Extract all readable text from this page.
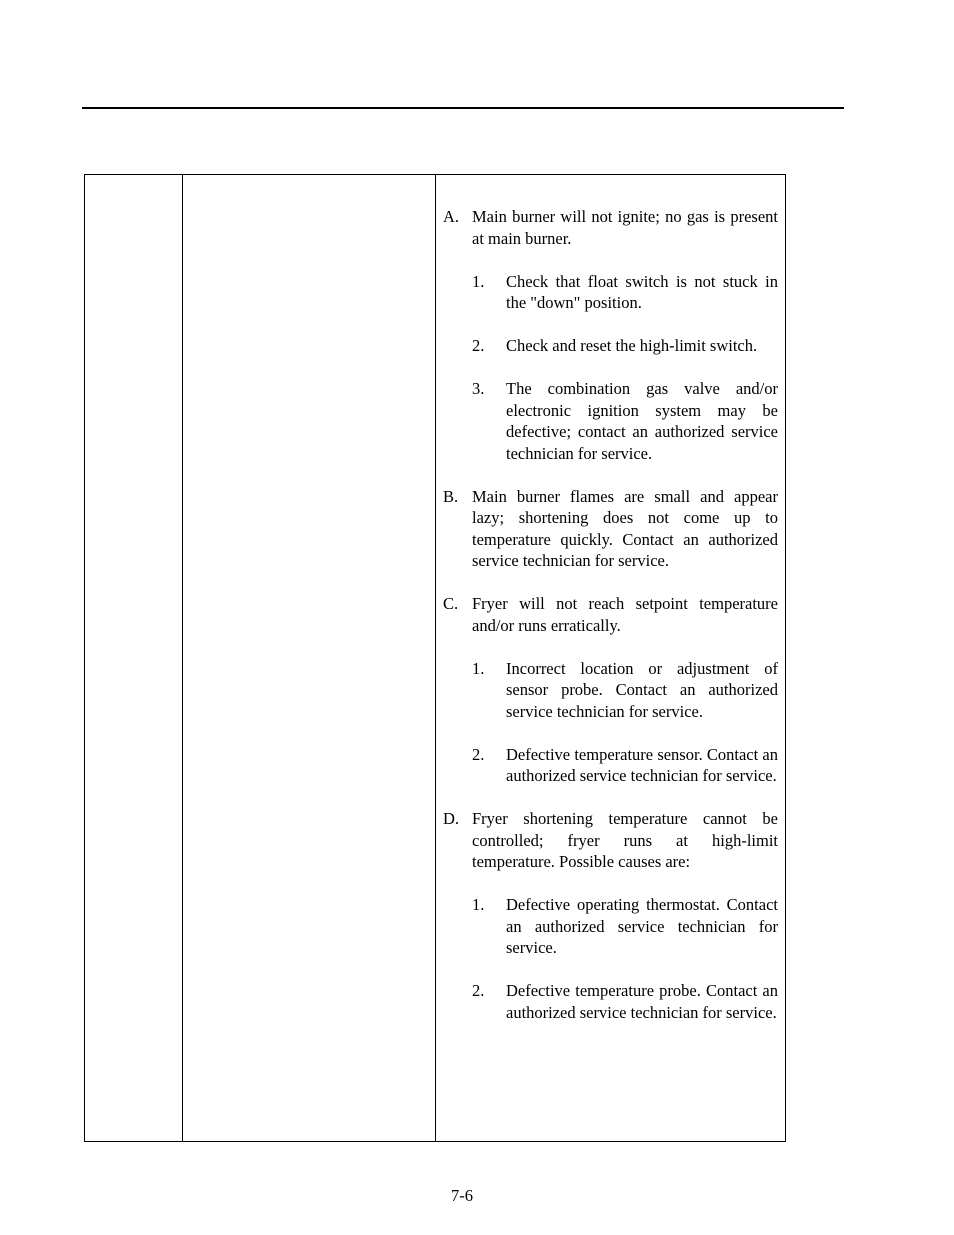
A. Main burner will not ignite; no gas is present at main burner.
1. Check that float switch is not stuck in the "down" position.
2. Check and reset the high-limit switch.
3. The combination gas valve and/or electronic ignition system may be defective; contact an authorized service technician for service.
B. Main burner flames are small and appear lazy; shortening does not come up to temperature quickly. Contact an authorized service technician for service.
C. Fryer will not reach setpoint temperature and/or runs erratically.
1. Incorrect location or adjustment of sensor probe. Contact an authorized service technician for service.
2. Defective temperature sensor. Contact an authorized service technician for service.
D. Fryer shortening temperature cannot be controlled; fryer runs at high-limit temperature. Possible causes are:
1. Defective operating thermostat. Contact an authorized service technician for service.
2. Defective temperature probe. Contact an authorized service technician for service.
7-6
